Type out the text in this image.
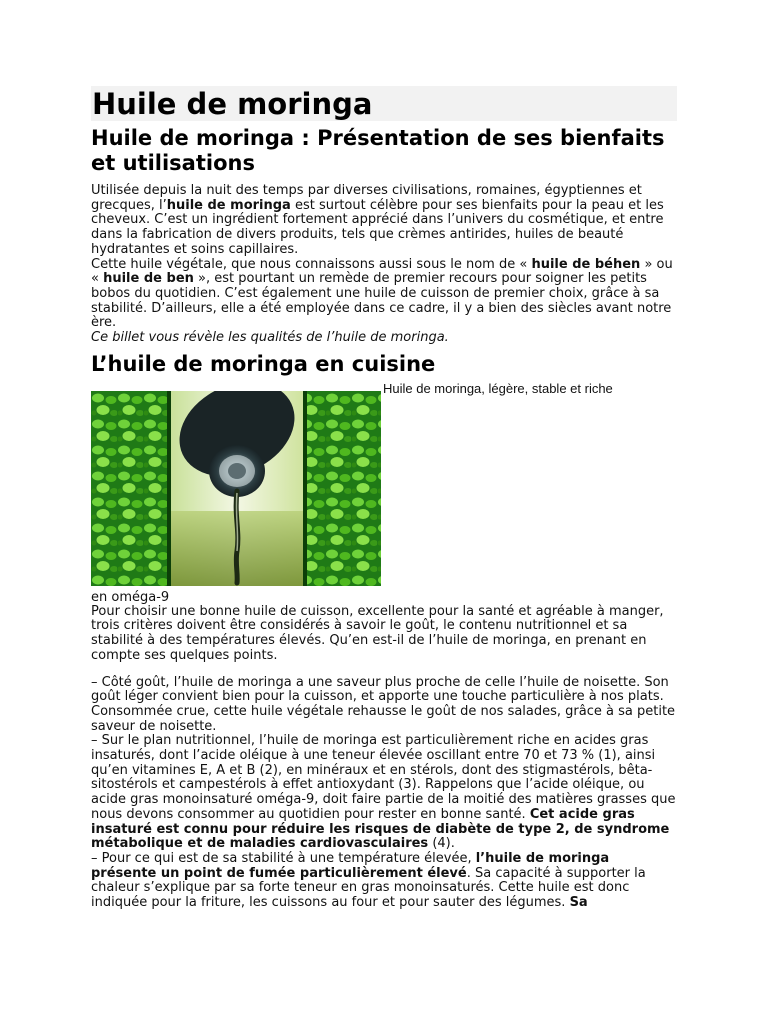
Huile de moringa
Huile de moringa : Présentation de ses bienfaits et utilisations

Utilisée depuis la nuit des temps par diverses civilisations, romaines, égyptiennes et grecques, l’huile de moringa est surtout célèbre pour ses bienfaits pour la peau et les cheveux. C’est un ingrédient fortement apprécié dans l’univers du cosmétique, et entre dans la fabrication de divers produits, tels que crèmes antirides, huiles de beauté hydratantes et soins capillaires.

Cette huile végétale, que nous connaissons aussi sous le nom de « huile de béhen » ou « huile de ben », est pourtant un remède de premier recours pour soigner les petits bobos du quotidien. C’est également une huile de cuisson de premier choix, grâce à sa stabilité. D’ailleurs, elle a été employée dans ce cadre, il y a bien des siècles avant notre ère.

Ce billet vous révèle les qualités de l’huile de moringa.

L’huile de moringa en cuisine
Huile de moringa, légère, stable et riche
en oméga-9

Pour choisir une bonne huile de cuisson, excellente pour la santé et agréable à manger, trois critères doivent être considérés à savoir le goût, le contenu nutritionnel et sa stabilité à des températures élevés. Qu’en est-il de l’huile de moringa, en prenant en compte ses quelques points.

– Côté goût, l’huile de moringa a une saveur plus proche de celle l’huile de noisette. Son goût léger convient bien pour la cuisson, et apporte une touche particulière à nos plats. Consommée crue, cette huile végétale rehausse le goût de nos salades, grâce à sa petite saveur de noisette.

– Sur le plan nutritionnel, l’huile de moringa est particulièrement riche en acides gras insaturés, dont l’acide oléique à une teneur élevée oscillant entre 70 et 73 % (1), ainsi qu’en vitamines E, A et B (2), en minéraux et en stérols, dont des stigmastérols, bêta-sitostérols et campestérols à effet antioxydant (3). Rappelons que l’acide oléique, ou acide gras monoinsaturé oméga-9, doit faire partie de la moitié des matières grasses que nous devons consommer au quotidien pour rester en bonne santé. Cet acide gras insaturé est connu pour réduire les risques de diabète de type 2, de syndrome métabolique et de maladies cardiovasculaires (4).

– Pour ce qui est de sa stabilité à une température élevée, l’huile de moringa présente un point de fumée particulièrement élevé. Sa capacité à supporter la chaleur s’explique par sa forte teneur en gras monoinsaturés. Cette huile est donc indiquée pour la friture, les cuissons au four et pour sauter des légumes. Sa
